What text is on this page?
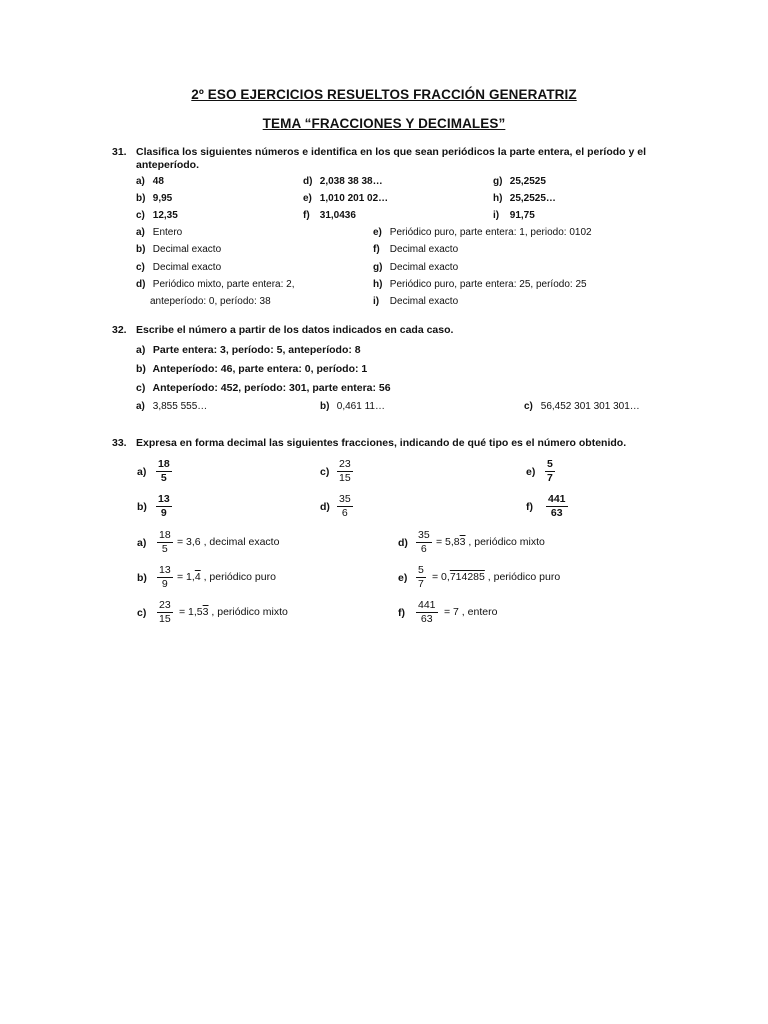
2º ESO EJERCICIOS RESUELTOS FRACCIÓN GENERATRIZ
TEMA “FRACCIONES Y DECIMALES”
31. Clasifica los siguientes números e identifica en los que sean periódicos la parte entera, el período y el anteperíodo.
a) 48
b) 9,95
c) 12,35
d) 2,038 38 38…
e) 1,010 201 02…
f) 31,0436
g) 25,2525
h) 25,2525…
i) 91,75
a) Entero
b) Decimal exacto
c) Decimal exacto
d) Periódico mixto, parte entera: 2,
anteperíodo: 0, período: 38
e) Periódico puro, parte entera: 1, periodo: 0102
f) Decimal exacto
g) Decimal exacto
h) Periódico puro, parte entera: 25, período: 25
i) Decimal exacto
32. Escribe el número a partir de los datos indicados en cada caso.
a) Parte entera: 3, período: 5, anteperíodo: 8
b) Anteperíodo: 46, parte entera: 0, período: 1
c) Anteperíodo: 452, período: 301, parte entera: 56
a) 3,855 555…	b) 0,461 11…	c) 56,452 301 301 301…
33. Expresa en forma decimal las siguientes fracciones, indicando de qué tipo es el número obtenido.
$a) \frac{18}{5}$
$b) \frac{13}{9}$
$c) \frac{23}{15}$
$d) \frac{35}{6}$
$e) \frac{5}{7}$
$f) \frac{441}{63}$
$a) \frac{18}{5} = 3,6$ , decimal exacto
$b) \frac{13}{9} = 1,4$ , periódico puro
$c) \frac{23}{15} = 1,53$ , periódico mixto
$d) \frac{35}{6} = 5,83$ , periódico mixto
$e) \frac{5}{7} = 0,714285$ , periódico puro
$f) \frac{441}{63} = 7$ , entero
